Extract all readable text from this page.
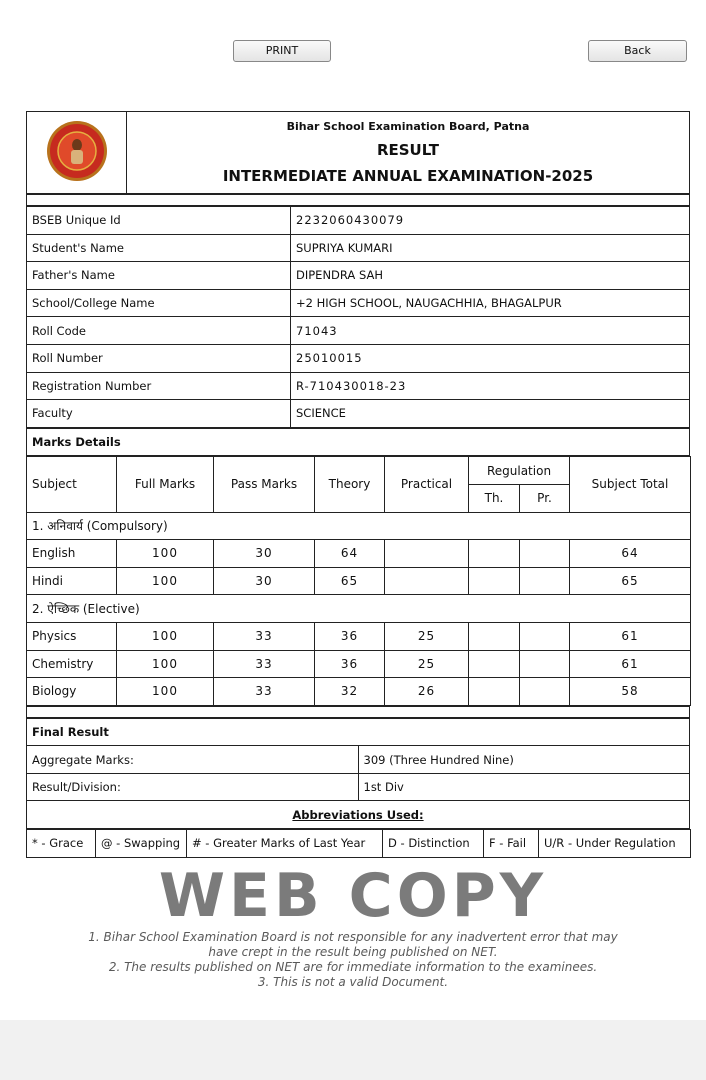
PRINT	Back

Bihar School Examination Board, Patna
RESULT
INTERMEDIATE ANNUAL EXAMINATION-2025
BSEB Unique Id	2232060430079
Student's Name	SUPRIYA KUMARI
Father's Name	DIPENDRA SAH
School/College Name	+2 HIGH SCHOOL, NAUGACHHIA, BHAGALPUR
Roll Code	71043
Roll Number	25010015
Registration Number	R-710430018-23
Faculty	SCIENCE
Marks Details
Subject	Full Marks	Pass Marks	Theory	Practical	Regulation		Subject Total
					Th.	Pr.	
1. अनिवार्य (Compulsory)							
English	100	30	64				64
Hindi	100	30	65				65
2. ऐच्छिक (Elective)							
Physics	100	33	36	25			61
Chemistry	100	33	36	25			61
Biology	100	33	32	26			58
Final Result	
Aggregate Marks:	309 (Three Hundred Nine)
Result/Division:	1st Div
Abbreviations Used:	
* - Grace	@ - Swapping	# - Greater Marks of Last Year	D - Distinction	F - Fail	U/R - Under Regulation
WEB COPY
1. Bihar School Examination Board is not responsible for any inadvertent error that may
have crept in the result being published on NET.
2. The results published on NET are for immediate information to the examinees.
3. This is not a valid Document.
